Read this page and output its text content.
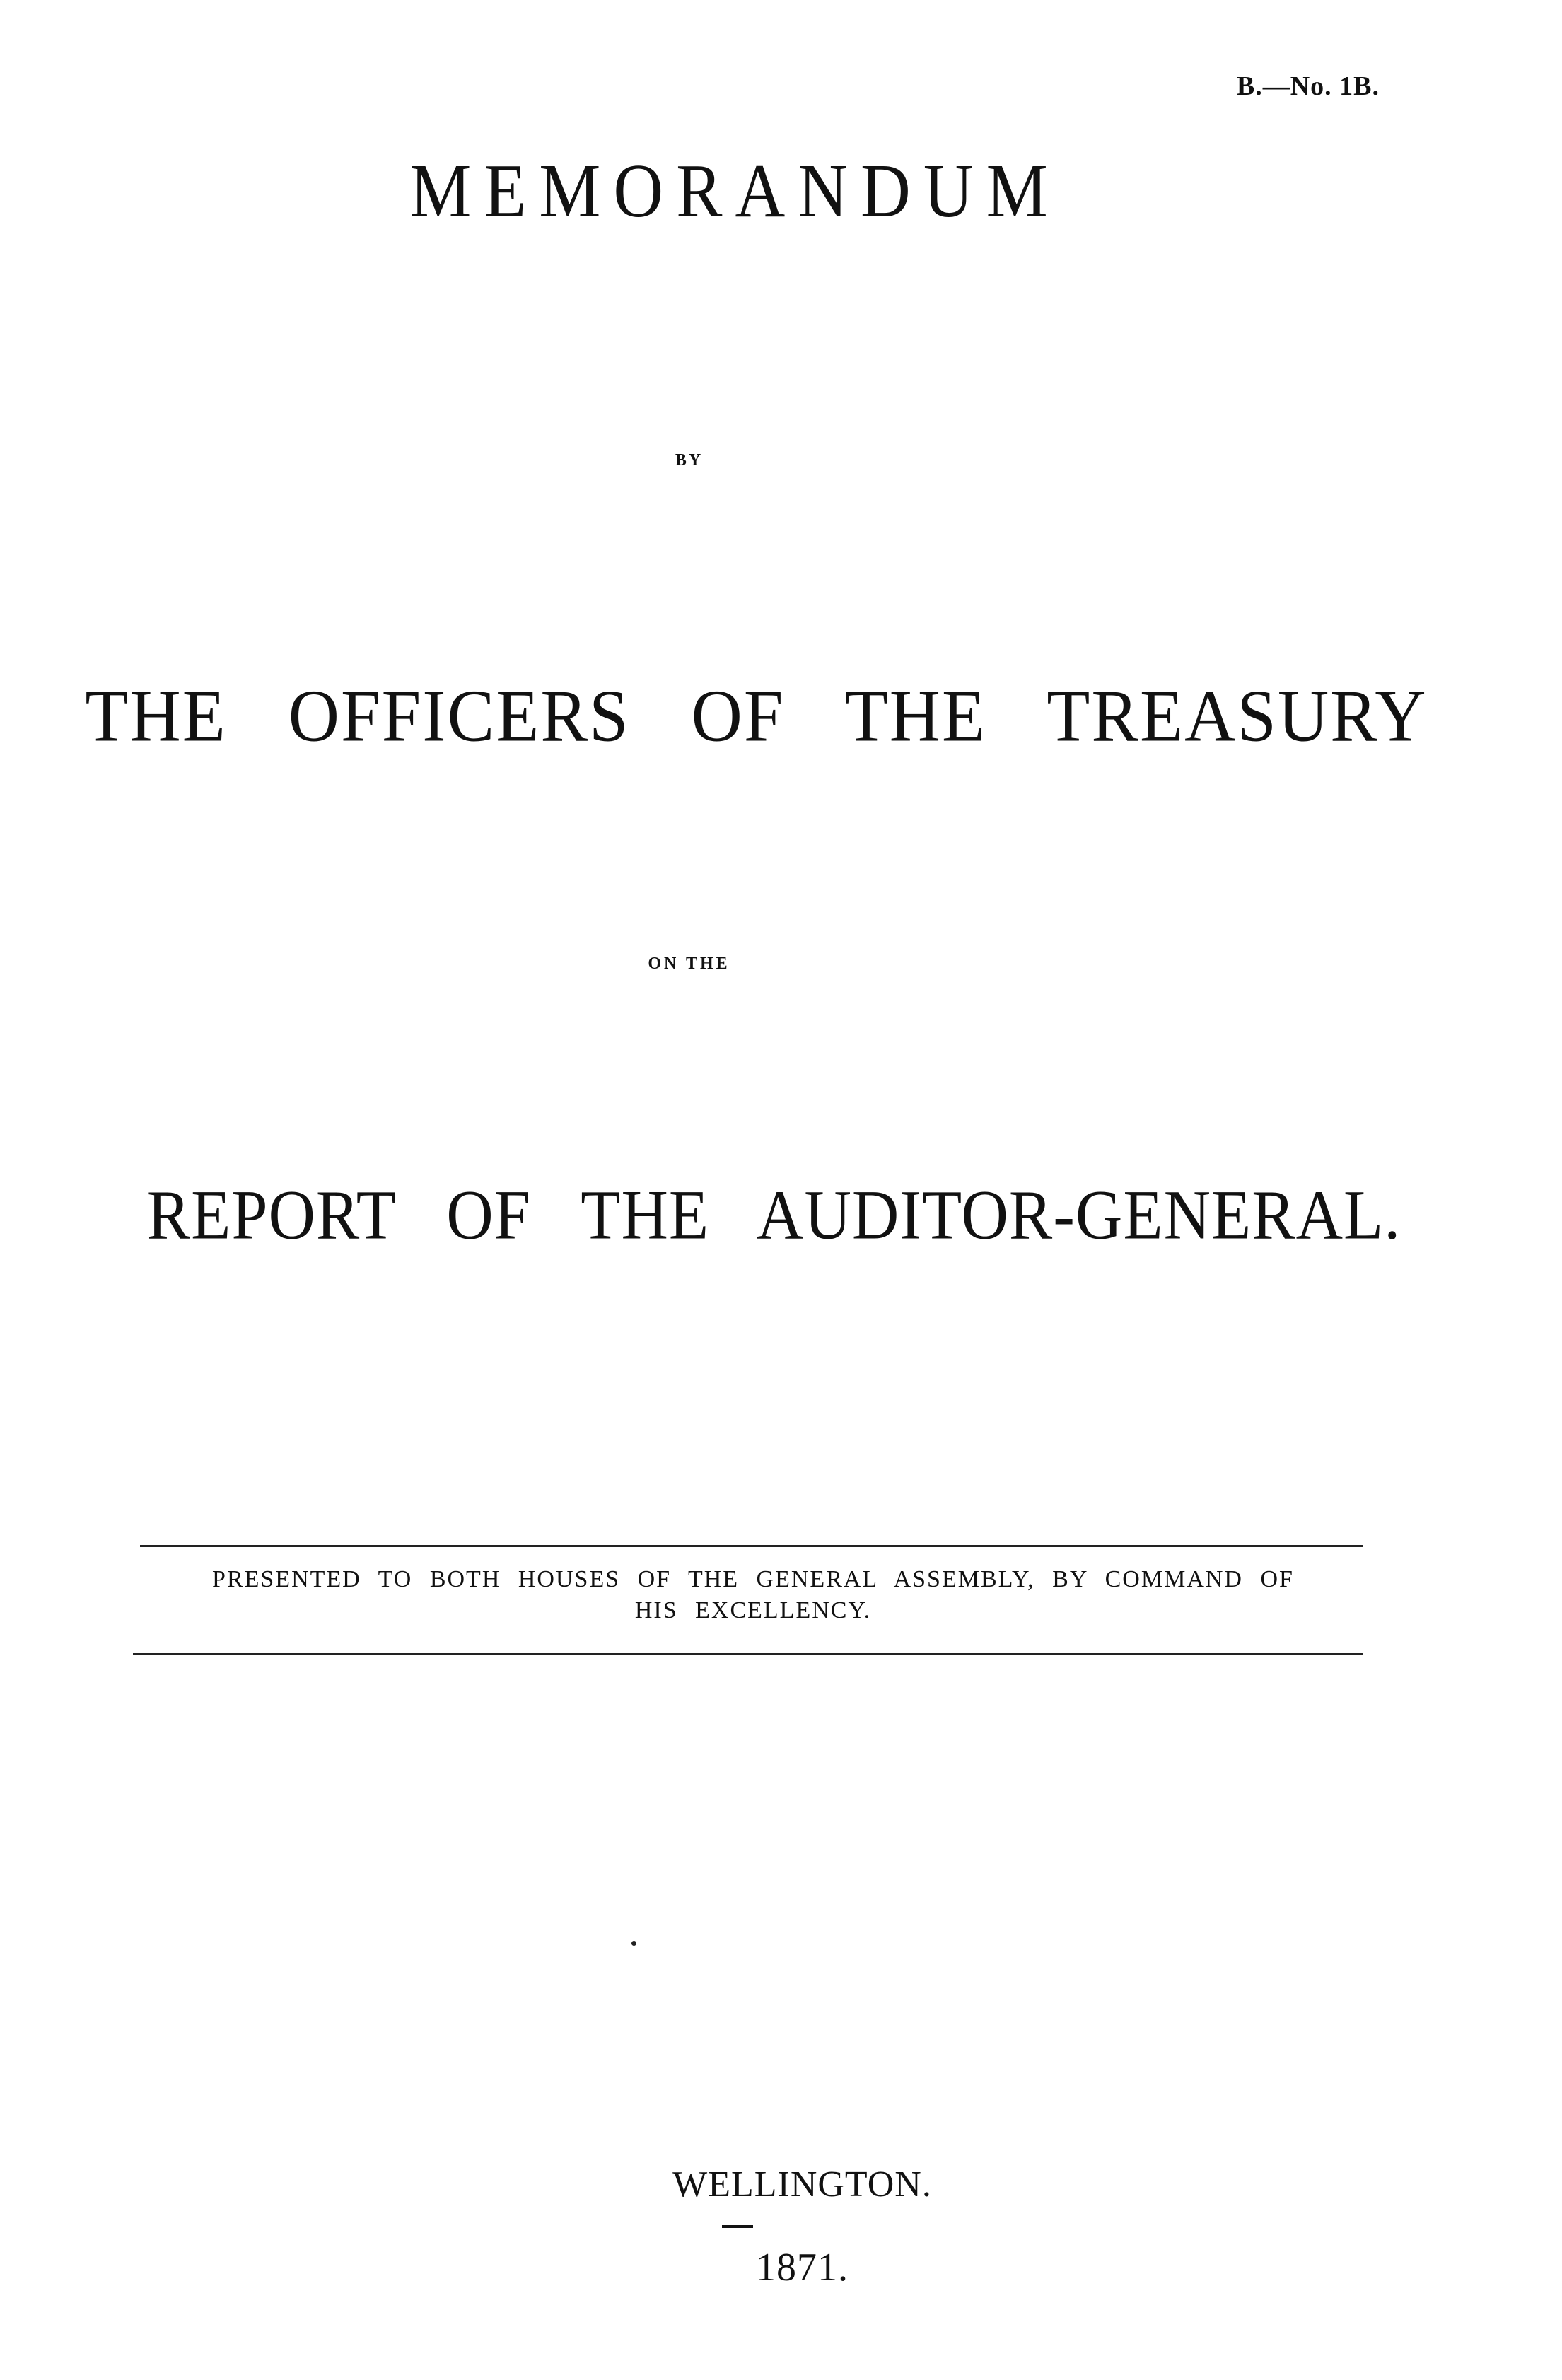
B.—No. 1B.
MEMORANDUM
BY
THE OFFICERS OF THE TREASURY
ON THE
REPORT OF THE AUDITOR-GENERAL.
PRESENTED TO BOTH HOUSES OF THE GENERAL ASSEMBLY, BY COMMAND OF
HIS EXCELLENCY.
WELLINGTON.
1871.
